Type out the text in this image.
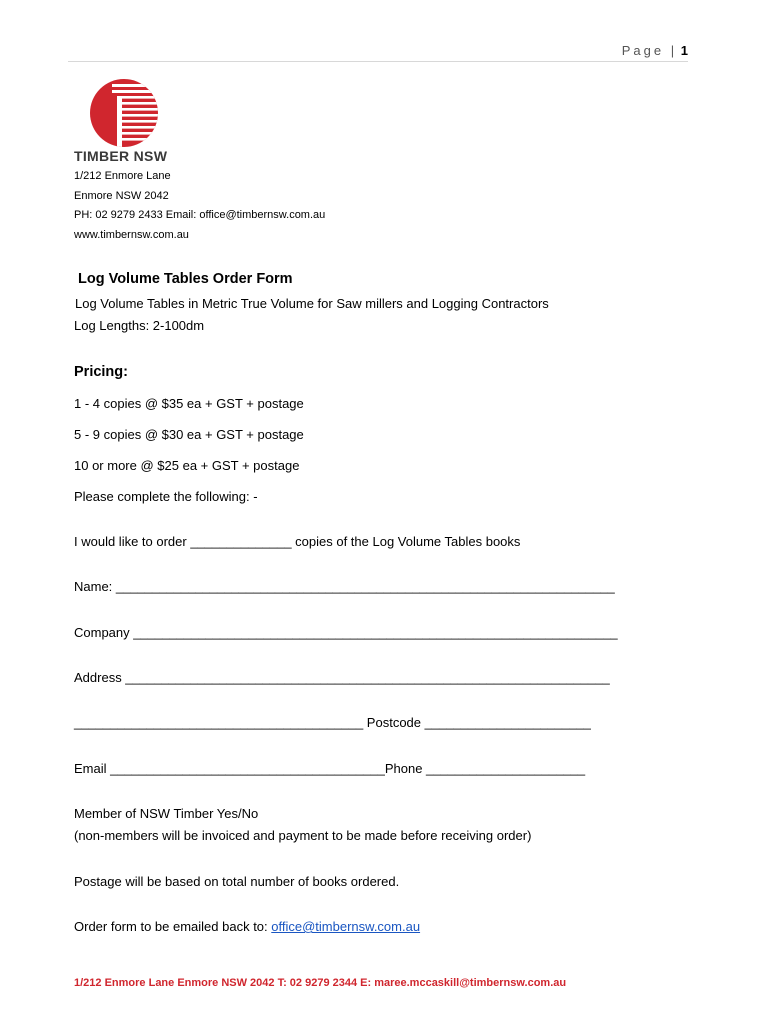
Page | 1
TIMBER NSW
1/212 Enmore Lane
Enmore NSW 2042
PH: 02 9279 2433 Email: office@timbernsw.com.au
www.timbernsw.com.au
Log Volume Tables Order Form
Log Volume Tables in Metric True Volume for Saw millers and Logging Contractors
Log Lengths: 2-100dm
Pricing:
1 - 4 copies @ $35 ea + GST + postage
5 - 9 copies @ $30 ea + GST + postage
10 or more @ $25 ea + GST + postage
Please complete the following: -
I would like to order ______________ copies of the Log Volume Tables books
Name: _____________________________________________________________________
Company ___________________________________________________________________
Address ___________________________________________________________________
________________________________________ Postcode _______________________
Email ______________________________________Phone ______________________
Member of NSW Timber Yes/No
(non-members will be invoiced and payment to be made before receiving order)
Postage will be based on total number of books ordered.
Order form to be emailed back to: office@timbernsw.com.au
1/212 Enmore Lane Enmore NSW 2042 T: 02 9279 2344 E: maree.mccaskill@timbernsw.com.au
